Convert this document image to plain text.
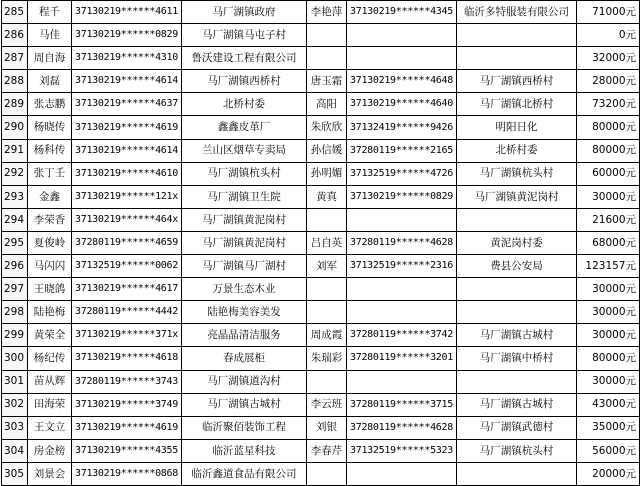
285	程千	37130219******4611	马厂湖镇政府	李艳萍	37130219******4345	临沂多特服装有限公司	71000元
286	马佳	37130219******0829	马厂湖镇马屯子村				0元
287	周自海	37130219******4310	鲁沃建设工程有限公司				32000元
288	刘磊	37130219******4614	马厂湖镇西桥村	唐玉霜	37130219******4648	马厂湖镇西桥村	28000元
289	张志鹏	37130219******4637	北桥村委	高阳	37130219******4640	马厂湖镇北桥村	73200元
290	杨晓传	37130219******4619	鑫鑫皮革厂	朱欣欣	37132419******9426	明阳日化	80000元
291	杨科传	37130219******4614	兰山区烟草专卖局	孙信媛	37280119******2165	北桥村委	80000元
292	张丁壬	37130219******4610	马厂湖镇杭头村	孙明媚	37132519******4726	马厂湖镇杭头村	60000元
293	金鑫	37130219******121x	马厂湖镇卫生院	黄真	37130219******0829	马厂湖镇黄泥岗村	30000元
294	李荣香	37130219******464x	马厂湖镇黄泥岗村				21600元
295	夏俊岭	37280119******4659	马厂湖镇黄泥岗村	吕自英	37280119******4628	黄泥岗村委	68000元
296	马闪闪	37132519******0062	马厂湖镇马厂湖村	刘军	37132519******2316	费县公安局	123157元
297	王晓鸽	37130219******4617	万景生态木业				30000元
298	陆艳梅	37280119******4442	陆艳梅美容美发				30000元
299	黄荣全	37130219******371x	亮晶晶清洁服务	周成霞	37280119******3742	马厂湖镇古城村	30000元
300	杨纪传	37130219******4618	春成展柜	朱瑞彩	37280119******3201	马厂湖镇中桥村	80000元
301	苗从辉	37280119******3743	马厂湖镇道沟村				30000元
302	田海荣	37130219******3749	马厂湖镇古城村	李云班	37280119******3715	马厂湖镇古城村	43000元
303	王文立	37130219******4619	临沂聚佰装饰工程	刘银	37280119******4628	马厂湖镇武德村	35000元
304	房金榜	37130219******4355	临沂蓝星科技	李春芹	37132519******5323	马厂湖镇杭头村	56000元
305	刘景会	37130219******0868	临沂鑫道食品有限公司				20000元
